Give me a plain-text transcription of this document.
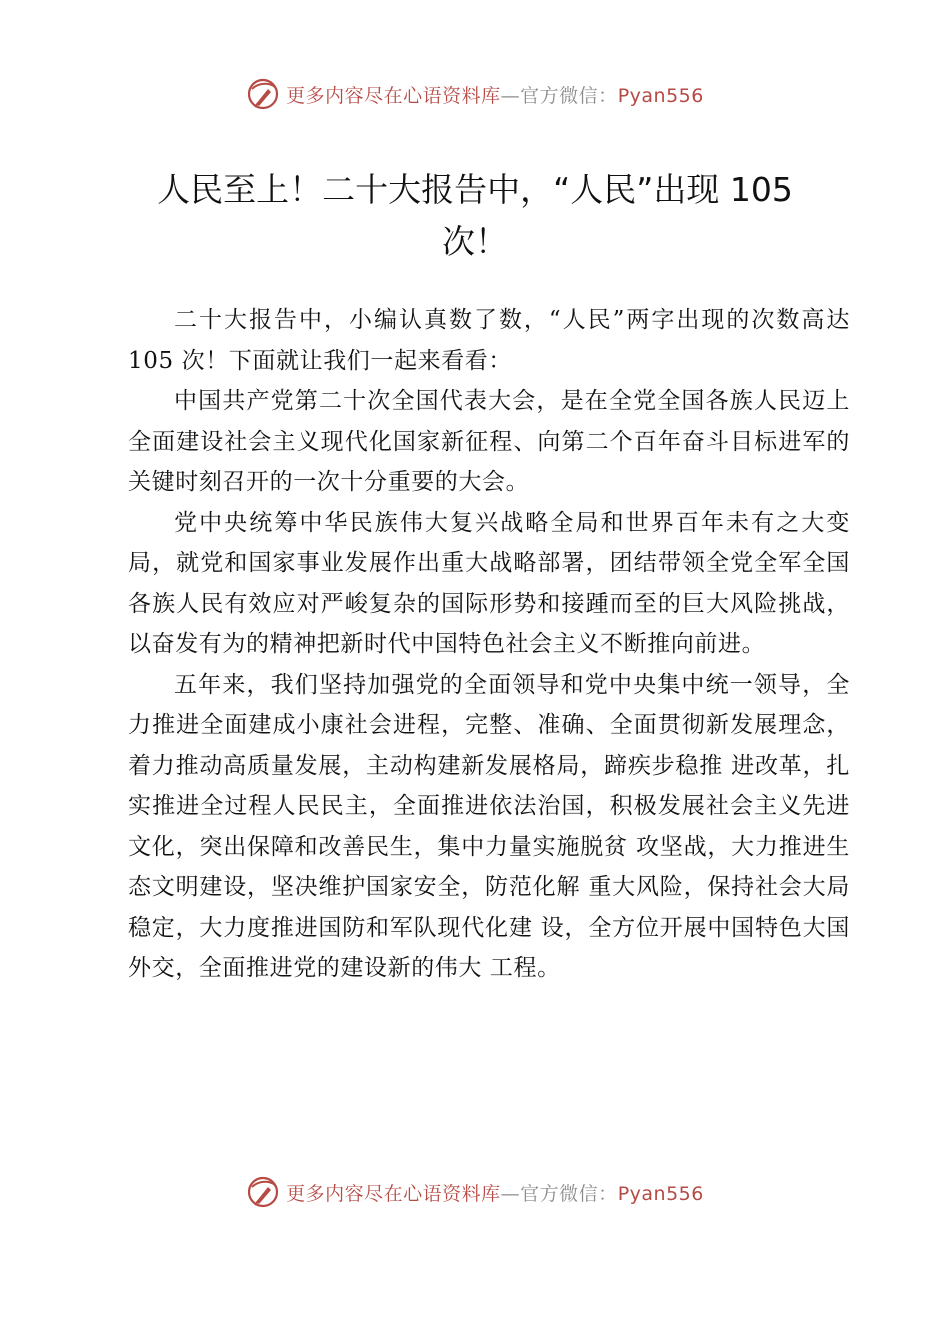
更多内容尽在心语资料库—官方微信：Pyan556
人民至上！二十大报告中，“人民”出现 105 次！

二十大报告中，小编认真数了数，“人民”两字出现的次数高达 105 次！下面就让我们一起来看看：

中国共产党第二十次全国代表大会，是在全党全国各族人民迈上全面建设社会主义现代化国家新征程、向第二个百年奋斗目标进军的关键时刻召开的一次十分重要的大会。

党中央统筹中华民族伟大复兴战略全局和世界百年未有之大变局，就党和国家事业发展作出重大战略部署，团结带领全党全军全国各族人民有效应对严峻复杂的国际形势和接踵而至的巨大风险挑战，以奋发有为的精神把新时代中国特色社会主义不断推向前进。

五年来，我们坚持加强党的全面领导和党中央集中统一领导，全力推进全面建成小康社会进程，完整、准确、全面贯彻新发展理念，着力推动高质量发展，主动构建新发展格局，蹄疾步稳推 进改革，扎实推进全过程人民民主，全面推进依法治国，积极发展社会主义先进文化，突出保障和改善民生，集中力量实施脱贫 攻坚战，大力推进生态文明建设，坚决维护国家安全，防范化解 重大风险，保持社会大局稳定，大力度推进国防和军队现代化建 设，全方位开展中国特色大国外交，全面推进党的建设新的伟大 工程。

更多内容尽在心语资料库—官方微信：Pyan556
